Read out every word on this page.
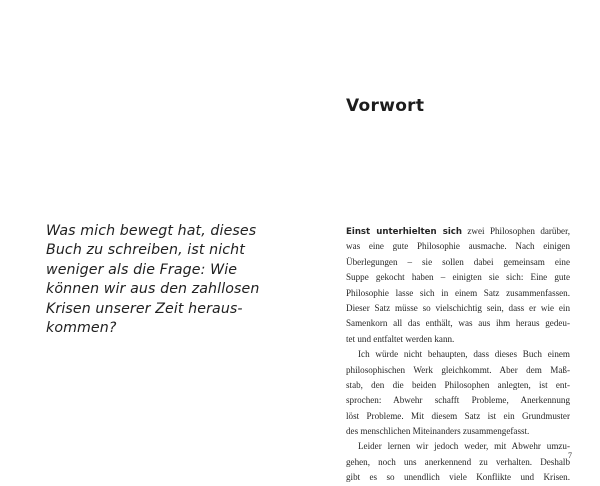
Was mich bewegt hat, dieses
Buch zu schreiben, ist nicht
weniger als die Frage: Wie
können wir aus den zahllosen
Krisen unserer Zeit heraus-
kommen?

Vorwort
Einst unterhielten sich zwei Philosophen darüber,
was eine gute Philosophie ausmache. Nach einigen
Überlegungen – sie sollen dabei gemeinsam eine
Suppe gekocht haben – einigten sie sich: Eine gute
Philosophie lasse sich in einem Satz zusammenfassen.
Dieser Satz müsse so vielschichtig sein, dass er wie ein
Samenkorn all das enthält, was aus ihm heraus gedeu-
tet und entfaltet werden kann.
Ich würde nicht behaupten, dass dieses Buch einem
philosophischen Werk gleichkommt. Aber dem Maß-
stab, den die beiden Philosophen anlegten, ist ent-
sprochen: Abwehr schafft Probleme, Anerkennung
löst Probleme. Mit diesem Satz ist ein Grundmuster
des menschlichen Miteinanders zusammengefasst.
Leider lernen wir jedoch weder, mit Abwehr umzu-
gehen, noch uns anerkennend zu verhalten. Deshalb
gibt es so unendlich viele Konflikte und Krisen.

7
